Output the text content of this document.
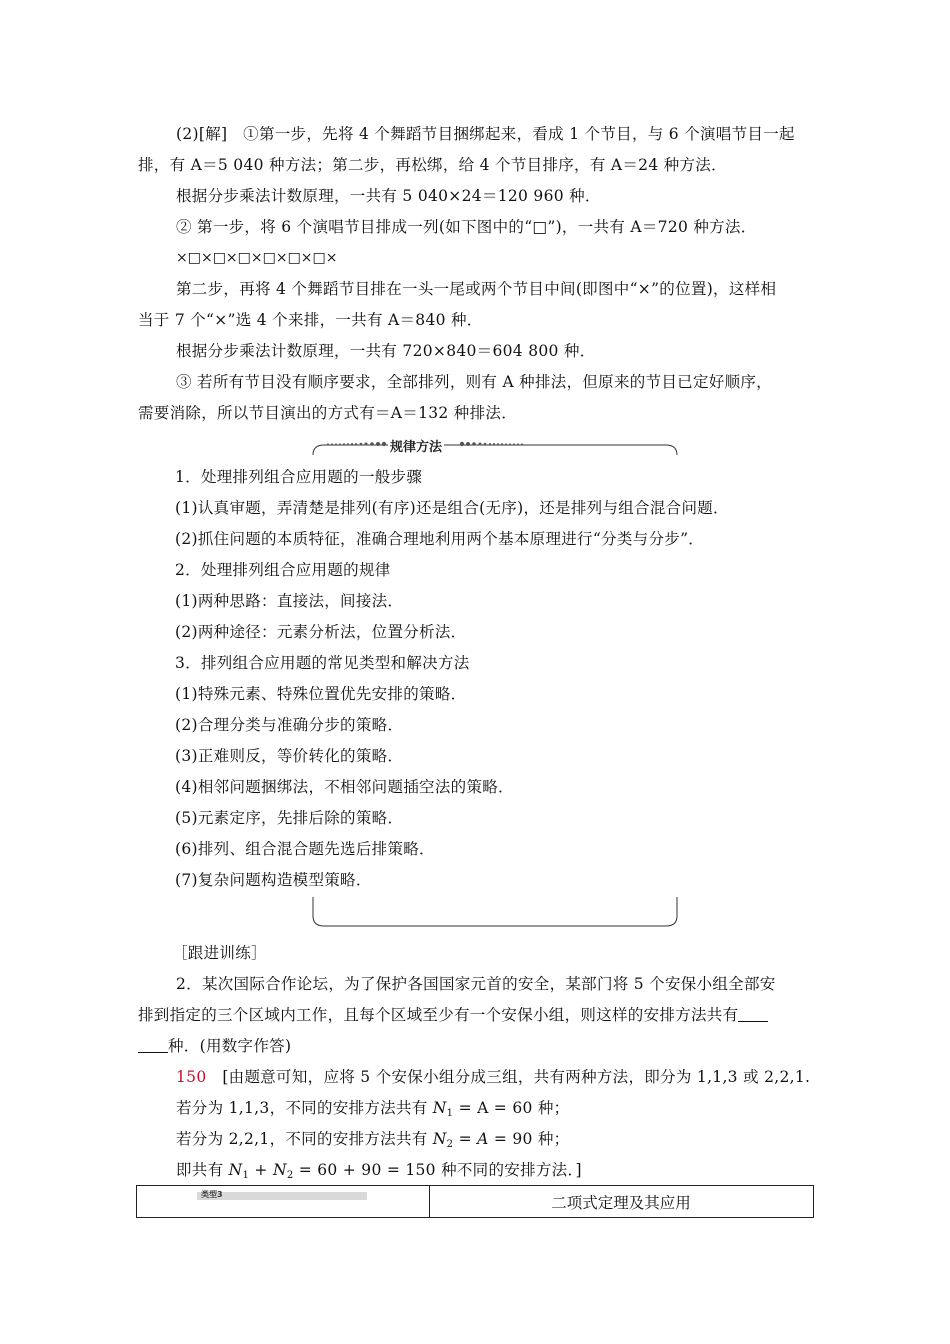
(2)[解]　①第一步，先将 4 个舞蹈节目捆绑起来，看成 1 个节目，与 6 个演唱节目一起
排，有 A＝5 040 种方法；第二步，再松绑，给 4 个节目排序，有 A＝24 种方法．
根据分步乘法计数原理，一共有 5 040×24＝120 960 种．
② 第一步，将 6 个演唱节目排成一列(如下图中的“□”)，一共有 A＝720 种方法．
×□×□×□×□×□×□×
第二步，再将 4 个舞蹈节目排在一头一尾或两个节目中间(即图中“×”的位置)，这样相
当于 7 个“×”选 4 个来排，一共有 A＝840 种．
根据分步乘法计数原理，一共有 720×840＝604 800 种．
③ 若所有节目没有顺序要求，全部排列，则有 A 种排法，但原来的节目已定好顺序，
需要消除，所以节目演出的方式有＝A＝132 种排法．
规律方法
1．处理排列组合应用题的一般步骤
(1)认真审题，弄清楚是排列(有序)还是组合(无序)，还是排列与组合混合问题．
(2)抓住问题的本质特征，准确合理地利用两个基本原理进行“分类与分步”．
2．处理排列组合应用题的规律
(1)两种思路：直接法，间接法．
(2)两种途径：元素分析法，位置分析法．
3．排列组合应用题的常见类型和解决方法
(1)特殊元素、特殊位置优先安排的策略．
(2)合理分类与准确分步的策略．
(3)正难则反，等价转化的策略．
(4)相邻问题捆绑法，不相邻问题插空法的策略．
(5)元素定序，先排后除的策略．
(6)排列、组合混合题先选后排策略．
(7)复杂问题构造模型策略．
［跟进训练］
2．某次国际合作论坛，为了保护各国国家元首的安全，某部门将 5 个安保小组全部安
排到指定的三个区域内工作，且每个区域至少有一个安保小组，则这样的安排方法共有
种．(用数字作答)
150　 [由题意可知，应将 5 个安保小组分成三组，共有两种方法，即分为 1,1,3 或 2,2,1.
若分为 1,1,3，不同的安排方法共有 $N_1 = A = 60$ 种；
若分为 2,2,1，不同的安排方法共有 $N_2 = A = 90$ 种；
即共有 $N_1 + N_2 = 60 + 90 = 150$ 种不同的安排方法．]
类型3	二项式定理及其应用
